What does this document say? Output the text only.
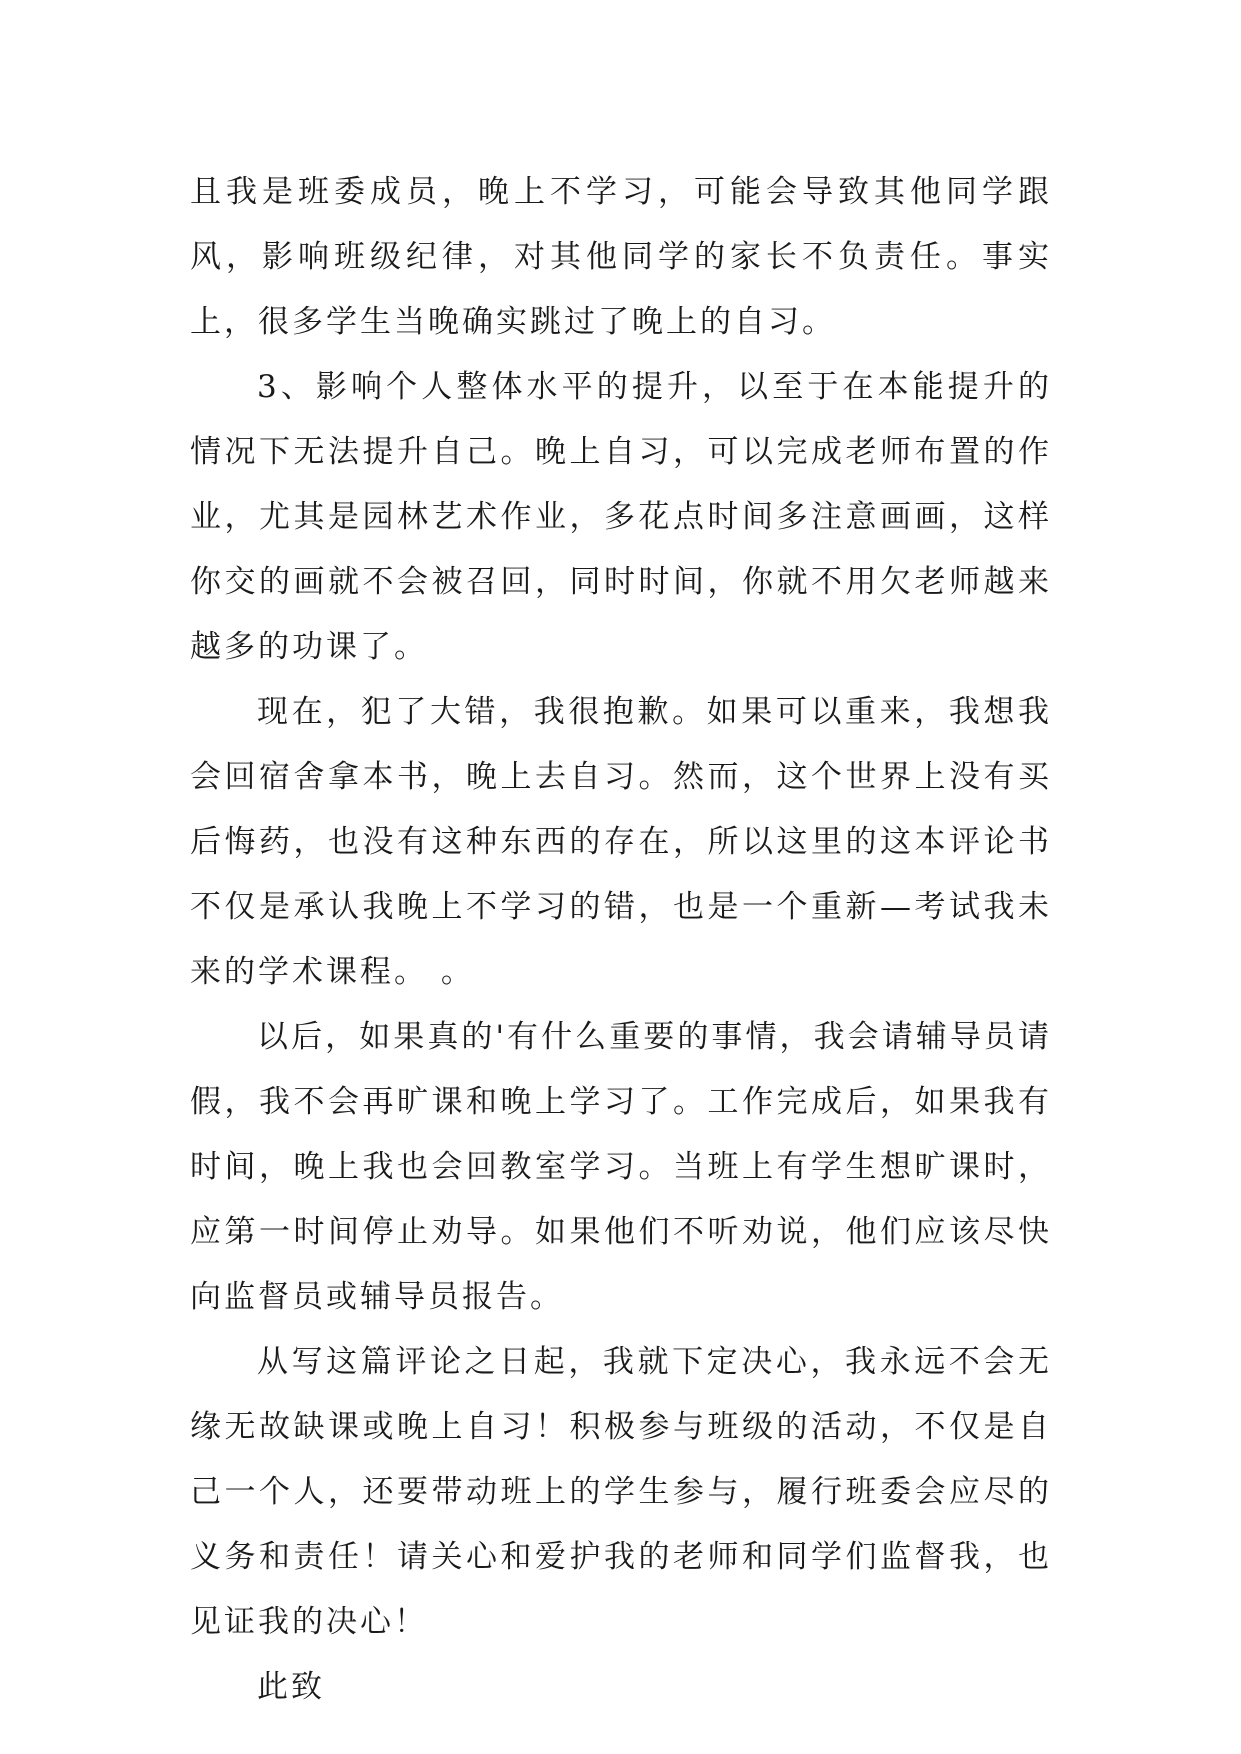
且我是班委成员，晚上不学习，可能会导致其他同学跟风，影响班级纪律，对其他同学的家长不负责任。事实上，很多学生当晚确实跳过了晚上的自习。

3、影响个人整体水平的提升，以至于在本能提升的情况下无法提升自己。晚上自习，可以完成老师布置的作业，尤其是园林艺术作业，多花点时间多注意画画，这样你交的画就不会被召回，同时时间，你就不用欠老师越来越多的功课了。

现在，犯了大错，我很抱歉。如果可以重来，我想我会回宿舍拿本书，晚上去自习。然而，这个世界上没有买后悔药，也没有这种东西的存在，所以这里的这本评论书不仅是承认我晚上不学习的错，也是一个重新—考试我未来的学术课程。 。

以后，如果真的'有什么重要的事情，我会请辅导员请假，我不会再旷课和晚上学习了。工作完成后，如果我有时间，晚上我也会回教室学习。当班上有学生想旷课时，应第一时间停止劝导。如果他们不听劝说，他们应该尽快向监督员或辅导员报告。

从写这篇评论之日起，我就下定决心，我永远不会无缘无故缺课或晚上自习！积极参与班级的活动，不仅是自己一个人，还要带动班上的学生参与，履行班委会应尽的义务和责任！请关心和爱护我的老师和同学们监督我，也见证我的决心！

此致
